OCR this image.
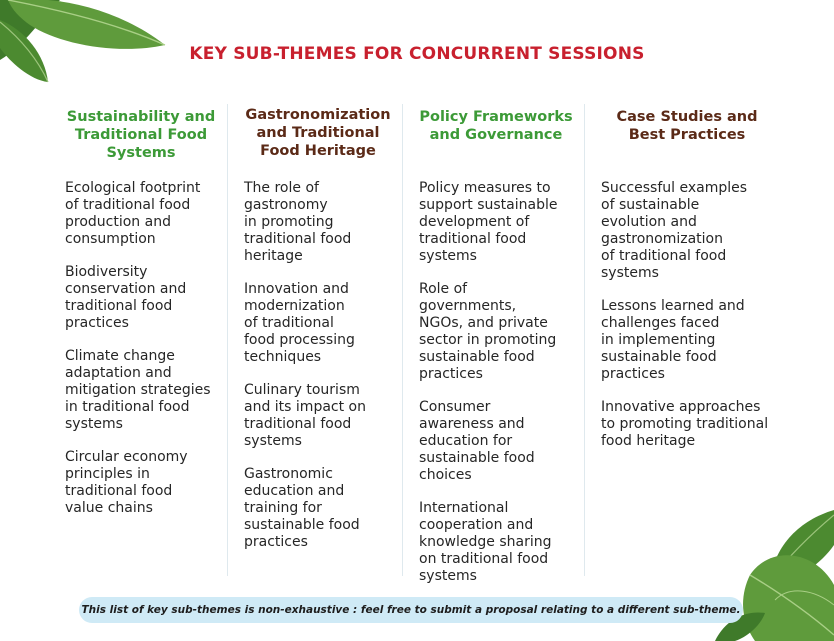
KEY SUB-THEMES FOR CONCURRENT SESSIONS
Sustainability and
Traditional Food
Systems
Ecological footprint
of traditional food
production and
consumption
Biodiversity
conservation and
traditional food
practices
Climate change
adaptation and
mitigation strategies
in traditional food
systems
Circular economy
principles in
traditional food
value chains
Gastronomization
and Traditional
Food Heritage
The role of
gastronomy
in promoting
traditional food
heritage
Innovation and
modernization
of traditional
food processing
techniques
Culinary tourism
and its impact on
traditional food
systems
Gastronomic
education and
training for
sustainable food
practices
Policy Frameworks
and Governance
Policy measures to
support sustainable
development of
traditional food
systems
Role of
governments,
NGOs, and private
sector in promoting
sustainable food
practices
Consumer
awareness and
education for
sustainable food
choices
International
cooperation and
knowledge sharing
on traditional food
systems
Case Studies and
Best Practices
Successful examples
of sustainable
evolution and
gastronomization
of traditional food
systems
Lessons learned and
challenges faced
in implementing
sustainable food
practices
Innovative approaches
to promoting traditional
food heritage
This list of key sub-themes is non-exhaustive : feel free to submit a proposal relating to a different sub-theme.
